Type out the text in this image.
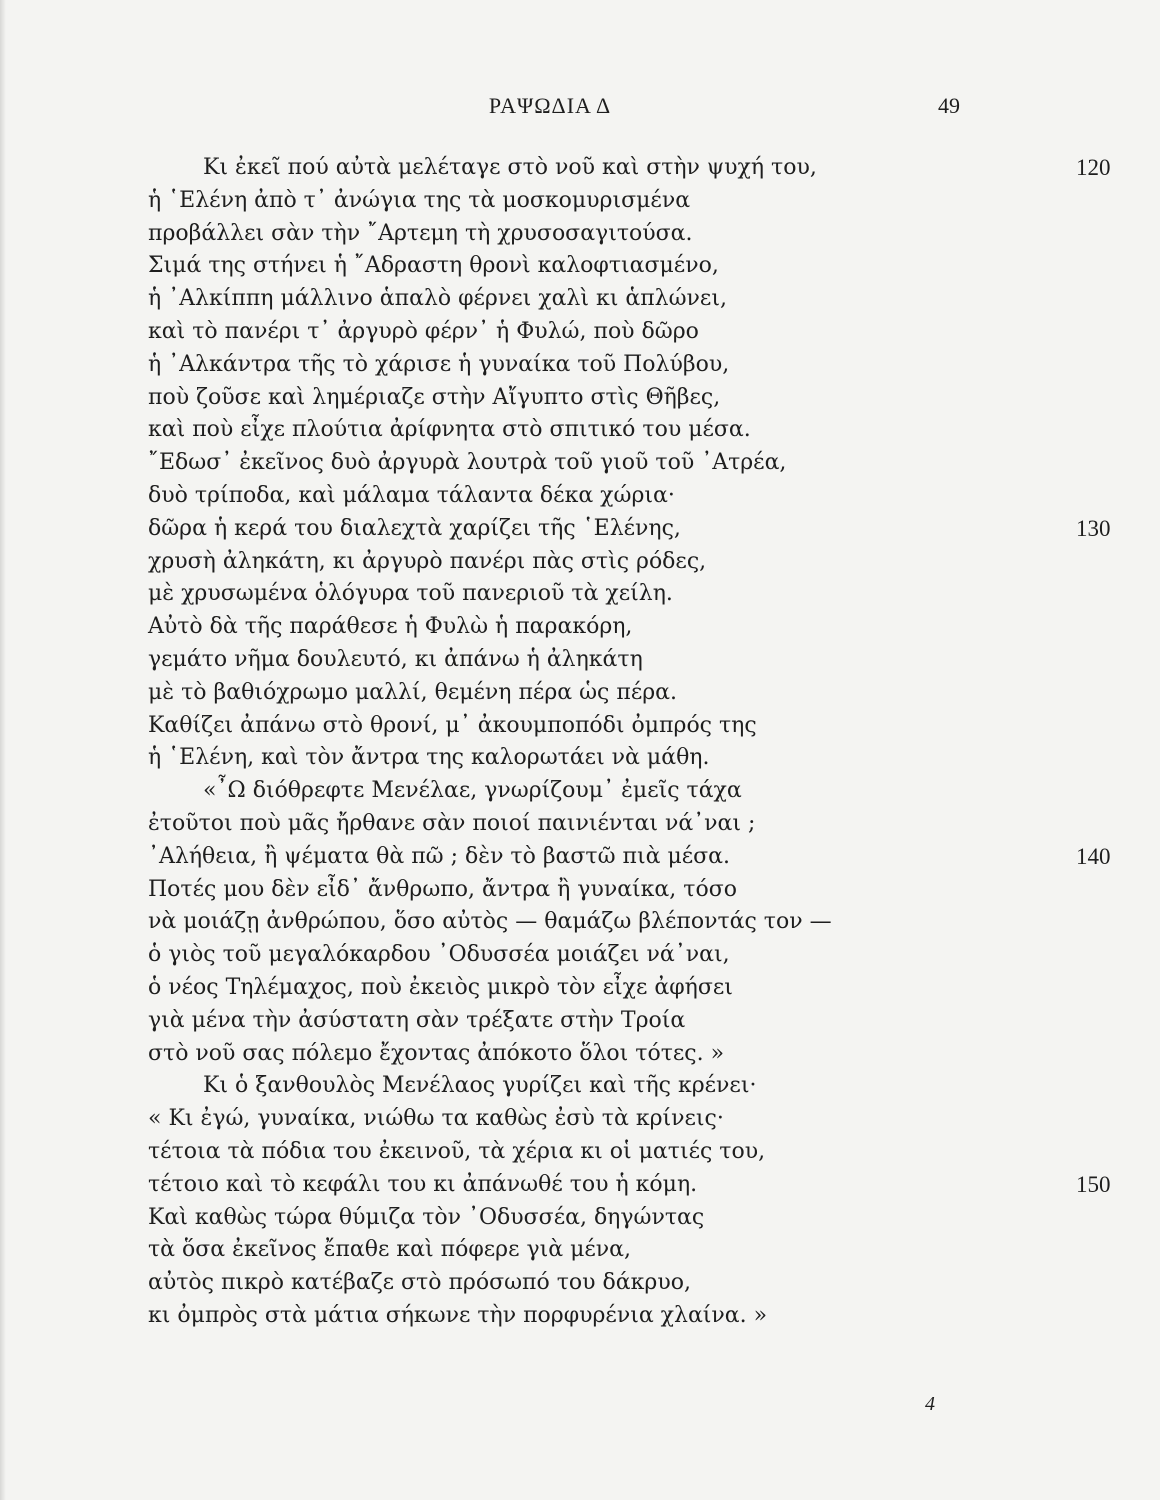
ΡΑΨΩΔΙΑ Δ	49
Κι ἐκεῖ πού αὐτὰ μελέταγε στὸ νοῦ καὶ στὴν ψυχή του,
ἡ ῾Ελένη ἀπὸ τ᾽ ἀνώγια της τὰ μοσκομυρισμένα
προβάλλει σὰν τὴν ῎Αρτεμη τὴ χρυσοσαγιτούσα.
Σιμά της στήνει ἡ ῎Αδραστη θρονὶ καλοφτιασμένο,
ἡ ᾽Αλκίππη μάλλινο ἁπαλὸ φέρνει χαλὶ κι ἁπλώνει,
καὶ τὸ πανέρι τ᾽ ἀργυρὸ φέρν᾽ ἡ Φυλώ, ποὺ δῶρο
ἡ ᾽Αλκάντρα τῆς τὸ χάρισε ἡ γυναίκα τοῦ Πολύβου,
ποὺ ζοῦσε καὶ λημέριαζε στὴν Αἴγυπτο στὶς Θῆβες,
καὶ ποὺ εἶχε πλούτια ἀρίφνητα στὸ σπιτικό του μέσα.
῎Εδωσ᾽ ἐκεῖνος δυὸ ἀργυρὰ λουτρὰ τοῦ γιοῦ τοῦ ᾽Ατρέα,
δυὸ τρίποδα, καὶ μάλαμα τάλαντα δέκα χώρια·
δῶρα ἡ κερά του διαλεχτὰ χαρίζει τῆς ῾Ελένης,
χρυσὴ ἀληκάτη, κι ἀργυρὸ πανέρι πὰς στὶς ρόδες,
μὲ χρυσωμένα ὁλόγυρα τοῦ πανεριοῦ τὰ χείλη.
Αὐτὸ δὰ τῆς παράθεσε ἡ Φυλὼ ἡ παρακόρη,
γεμάτο νῆμα δουλευτό, κι ἀπάνω ἡ ἀληκάτη
μὲ τὸ βαθιόχρωμο μαλλί, θεμένη πέρα ὡς πέρα.
Καθίζει ἀπάνω στὸ θρονί, μ᾽ ἀκουμποπόδι ὀμπρός της
ἡ ῾Ελένη, καὶ τὸν ἄντρα της καλορωτάει νὰ μάθη.
«῏Ω διόθρεφτε Μενέλαε, γνωρίζουμ᾽ ἐμεῖς τάχα
ἐτοῦτοι ποὺ μᾶς ἤρθανε σὰν ποιοί παινιένται νά᾽ναι ;
᾽Αλήθεια, ἢ ψέματα θὰ πῶ ; δὲν τὸ βαστῶ πιὰ μέσα.
Ποτές μου δὲν εἶδ᾽ ἄνθρωπο, ἄντρα ἢ γυναίκα, τόσο
νὰ μοιάζῃ ἀνθρώπου, ὅσο αὐτὸς — θαμάζω βλέποντάς τον —
ὁ γιὸς τοῦ μεγαλόκαρδου ᾽Οδυσσέα μοιάζει νά᾽ναι,
ὁ νέος Τηλέμαχος, ποὺ ἐκειὸς μικρὸ τὸν εἶχε ἀφήσει
γιὰ μένα τὴν ἀσύστατη σὰν τρέξατε στὴν Τροία
στὸ νοῦ σας πόλεμο ἔχοντας ἀπόκοτο ὅλοι τότες. »
Κι ὁ ξανθουλὸς Μενέλαος γυρίζει καὶ τῆς κρένει·
« Κι ἐγώ, γυναίκα, νιώθω τα καθὼς ἐσὺ τὰ κρίνεις·
τέτοια τὰ πόδια του ἐκεινοῦ, τὰ χέρια κι οἱ ματιές του,
τέτοιο καὶ τὸ κεφάλι του κι ἀπάνωθέ του ἡ κόμη.
Καὶ καθὼς τώρα θύμιζα τὸν ᾽Οδυσσέα, δηγώντας
τὰ ὅσα ἐκεῖνος ἔπαθε καὶ πόφερε γιὰ μένα,
αὐτὸς πικρὸ κατέβαζε στὸ πρόσωπό του δάκρυο,
κι ὀμπρὸς στὰ μάτια σήκωνε τὴν πορφυρένια χλαίνα. »
120
130
140
150
4
